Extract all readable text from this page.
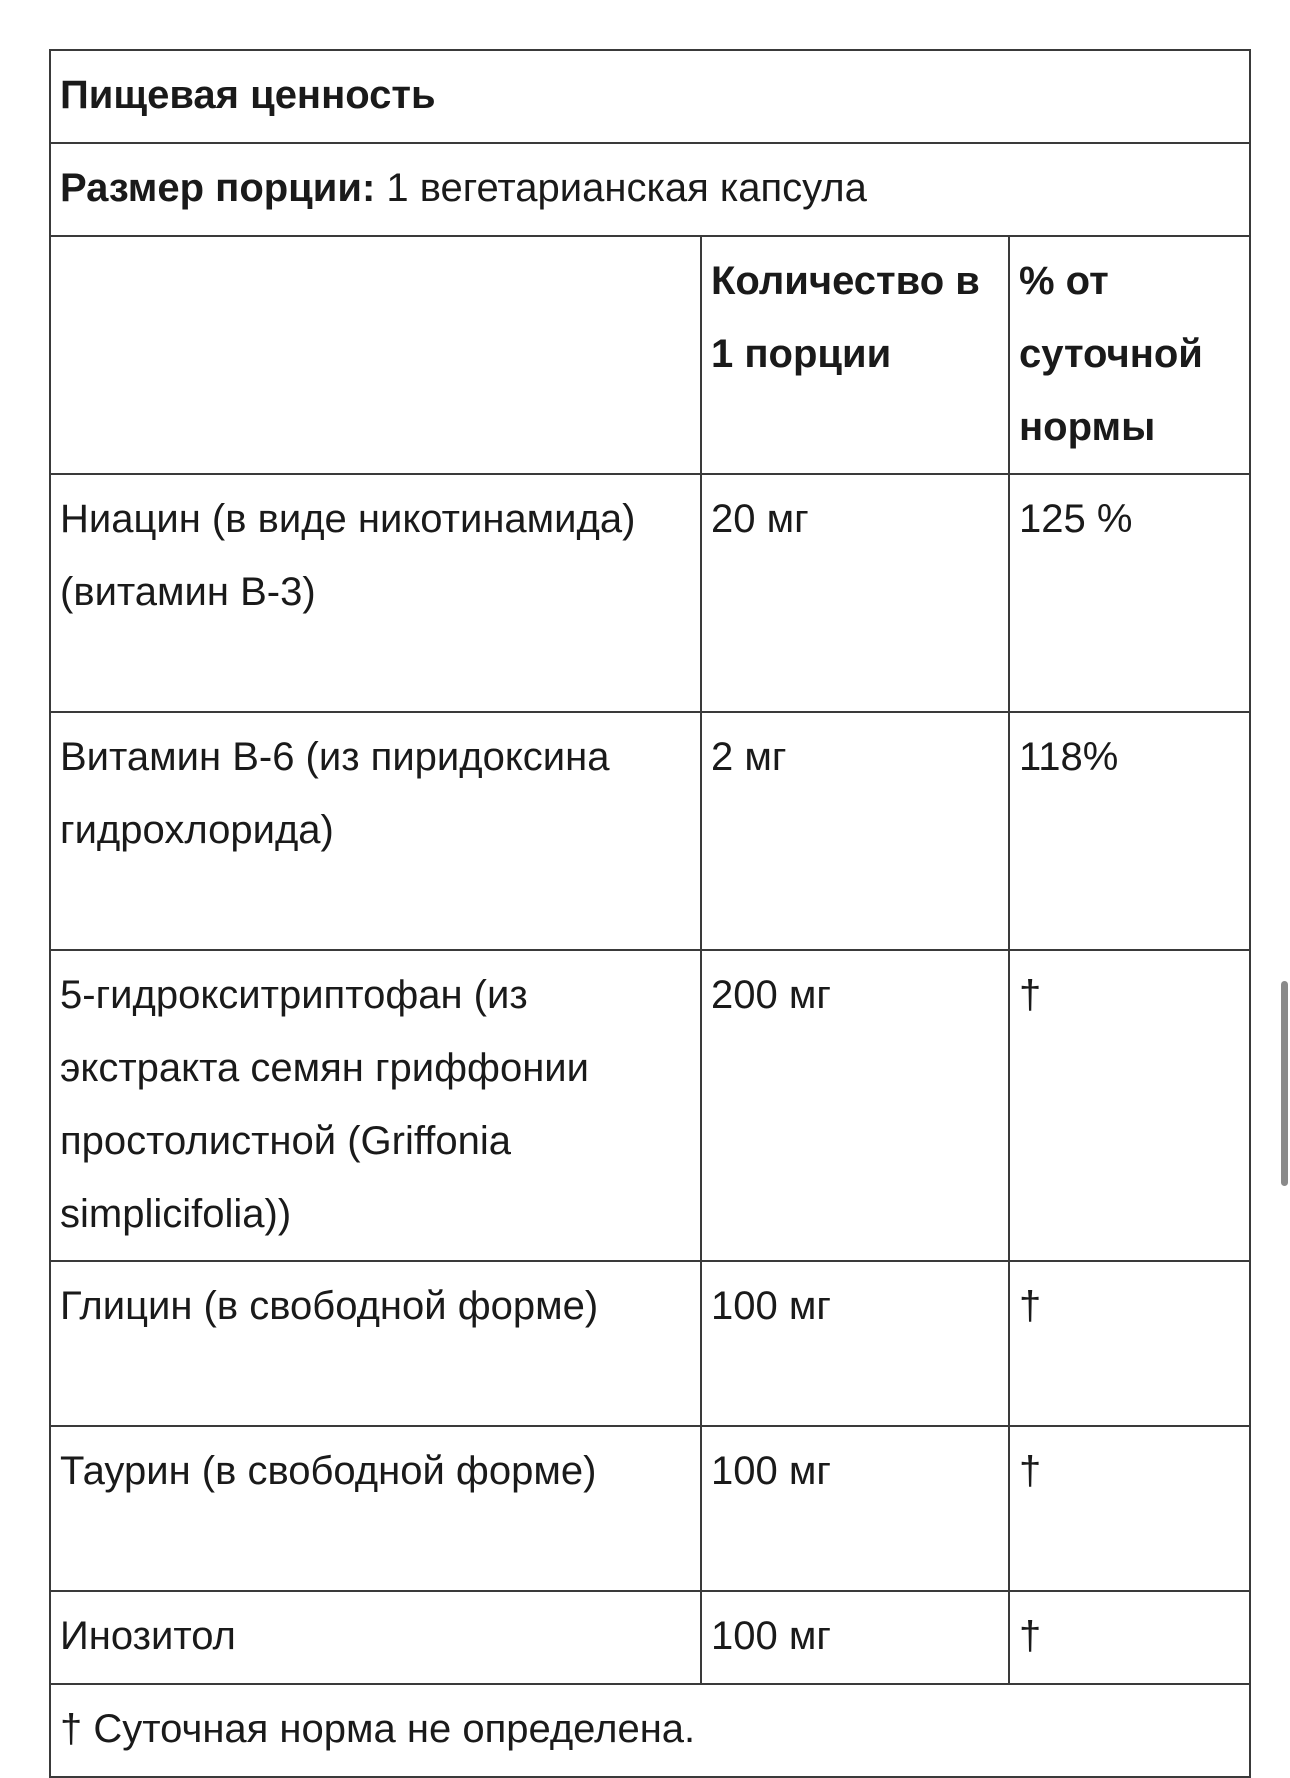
Пищевая ценность		
Размер порции: 1 вегетарианская капсула		
	Количество в 1 порции	% от суточной нормы
Ниацин (в виде никотинамида) (витамин B-3)	20 мг	125 %
Витамин B-6 (из пиридоксина гидрохлорида)	2 мг	118%
5-гидрокситриптофан (из экстракта семян гриффонии простолистной (Griffonia simplicifolia))	200 мг	†
Глицин (в свободной форме)	100 мг	†
Таурин (в свободной форме)	100 мг	†
Инозитол	100 мг	†
† Суточная норма не определена.		
